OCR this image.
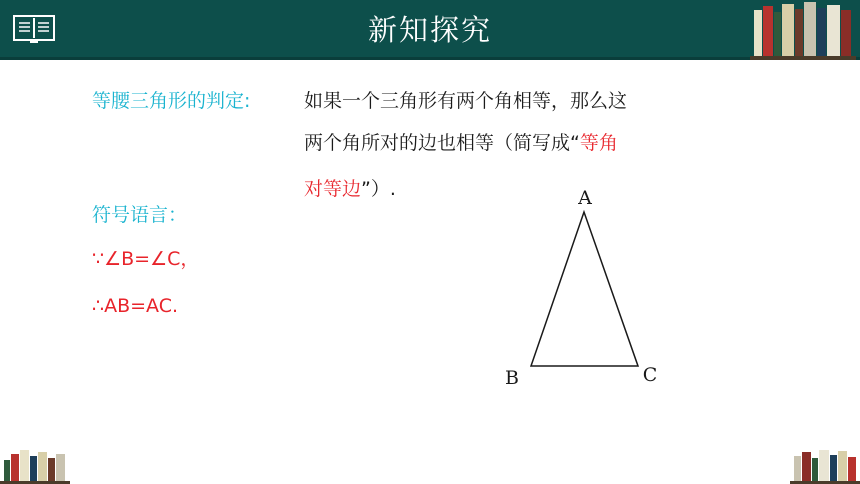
新知探究
等腰三角形的判定:	如果一个三角形有两个角相等，那么这
两个角所对的边也相等（简写成“等角
对等边”）.
符号语言：
∵∠B=∠C，
∴AB=AC.
A
B	C
